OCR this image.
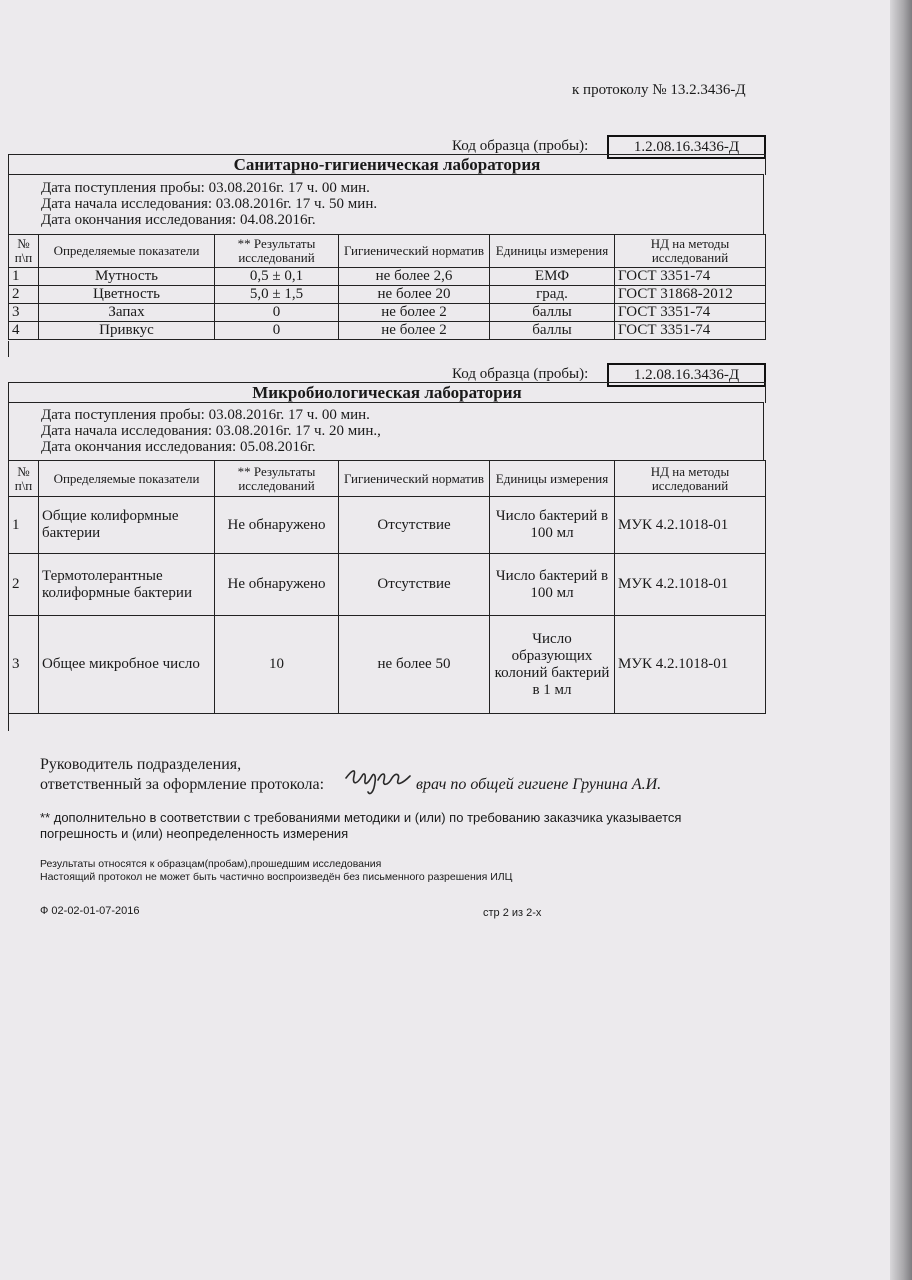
к протоколу № 13.2.3436-Д
Код образца (пробы):	1.2.08.16.3436-Д
Санитарно-гигиеническая лаборатория
Дата поступления пробы: 03.08.2016г. 17 ч. 00 мин.
Дата начала исследования: 03.08.2016г. 17 ч. 50 мин.
Дата окончания исследования: 04.08.2016г.
№ п\п	Определяемые показатели	** Результаты исследований	Гигиенический норматив	Единицы измерения	НД на методы исследований
1	Мутность	0,5 ± 0,1	не более 2,6	ЕМФ	ГОСТ 3351-74
2	Цветность	5,0 ± 1,5	не более 20	град.	ГОСТ 31868-2012
3	Запах	0	не более 2	баллы	ГОСТ 3351-74
4	Привкус	0	не более 2	баллы	ГОСТ 3351-74
Код образца (пробы):	1.2.08.16.3436-Д
Микробиологическая лаборатория
Дата поступления пробы: 03.08.2016г. 17 ч. 00 мин.
Дата начала исследования: 03.08.2016г. 17 ч. 20 мин.,
Дата окончания исследования: 05.08.2016г.
№ п\п	Определяемые показатели	** Результаты исследований	Гигиенический норматив	Единицы измерения	НД на методы исследований
1	Общие колиформные бактерии	Не обнаружено	Отсутствие	Число бактерий в 100 мл	МУК 4.2.1018-01
2	Термотолерантные колиформные бактерии	Не обнаружено	Отсутствие	Число бактерий в 100 мл	МУК 4.2.1018-01
3	Общее микробное число	10	не более 50	Число образующих колоний бактерий в 1 мл	МУК 4.2.1018-01
Руководитель подразделения,
ответственный за оформление протокола:	врач по общей гигиене Грунина А.И.
** дополнительно в соответствии с требованиями методики и (или) по требованию заказчика указывается погрешность и (или) неопределенность измерения
Результаты относятся к образцам(пробам),прошедшим исследования
Настоящий протокол не может быть частично воспроизведён без письменного разрешения ИЛЦ
Ф 02-02-01-07-2016	стр 2 из 2-х
